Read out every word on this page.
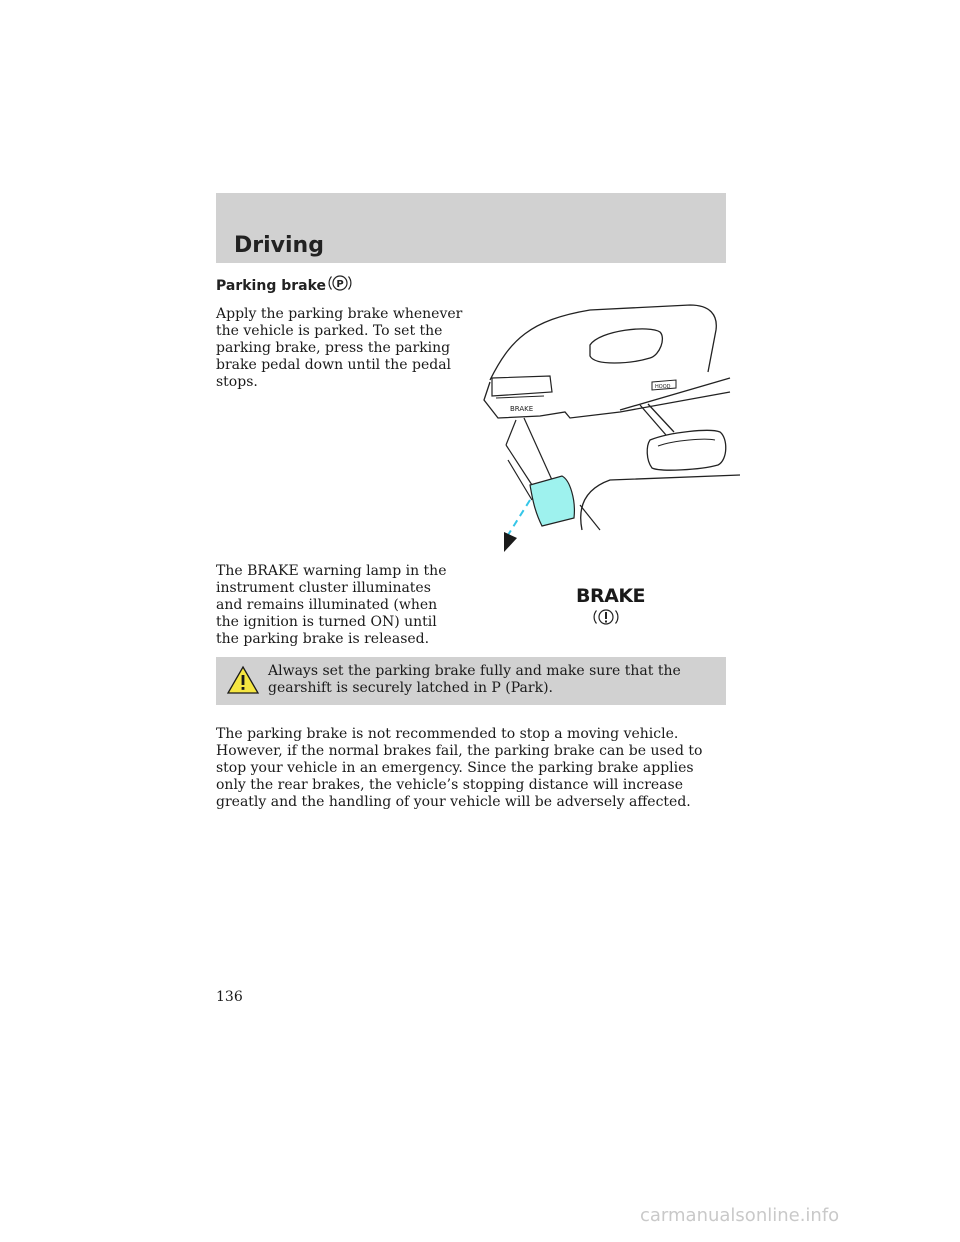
Driving
Parking brake P
Apply the parking brake whenever the vehicle is parked. To set the parking brake, press the parking brake pedal down until the pedal stops.
BRAKE
HOOD
The BRAKE warning lamp in the instrument cluster illuminates and remains illuminated (when the ignition is turned ON) until the parking brake is released.
BRAKE
Always set the parking brake fully and make sure that the gearshift is securely latched in P (Park).
The parking brake is not recommended to stop a moving vehicle. However, if the normal brakes fail, the parking brake can be used to stop your vehicle in an emergency. Since the parking brake applies only the rear brakes, the vehicle’s stopping distance will increase greatly and the handling of your vehicle will be adversely affected.
136
carmanualsonline.info
